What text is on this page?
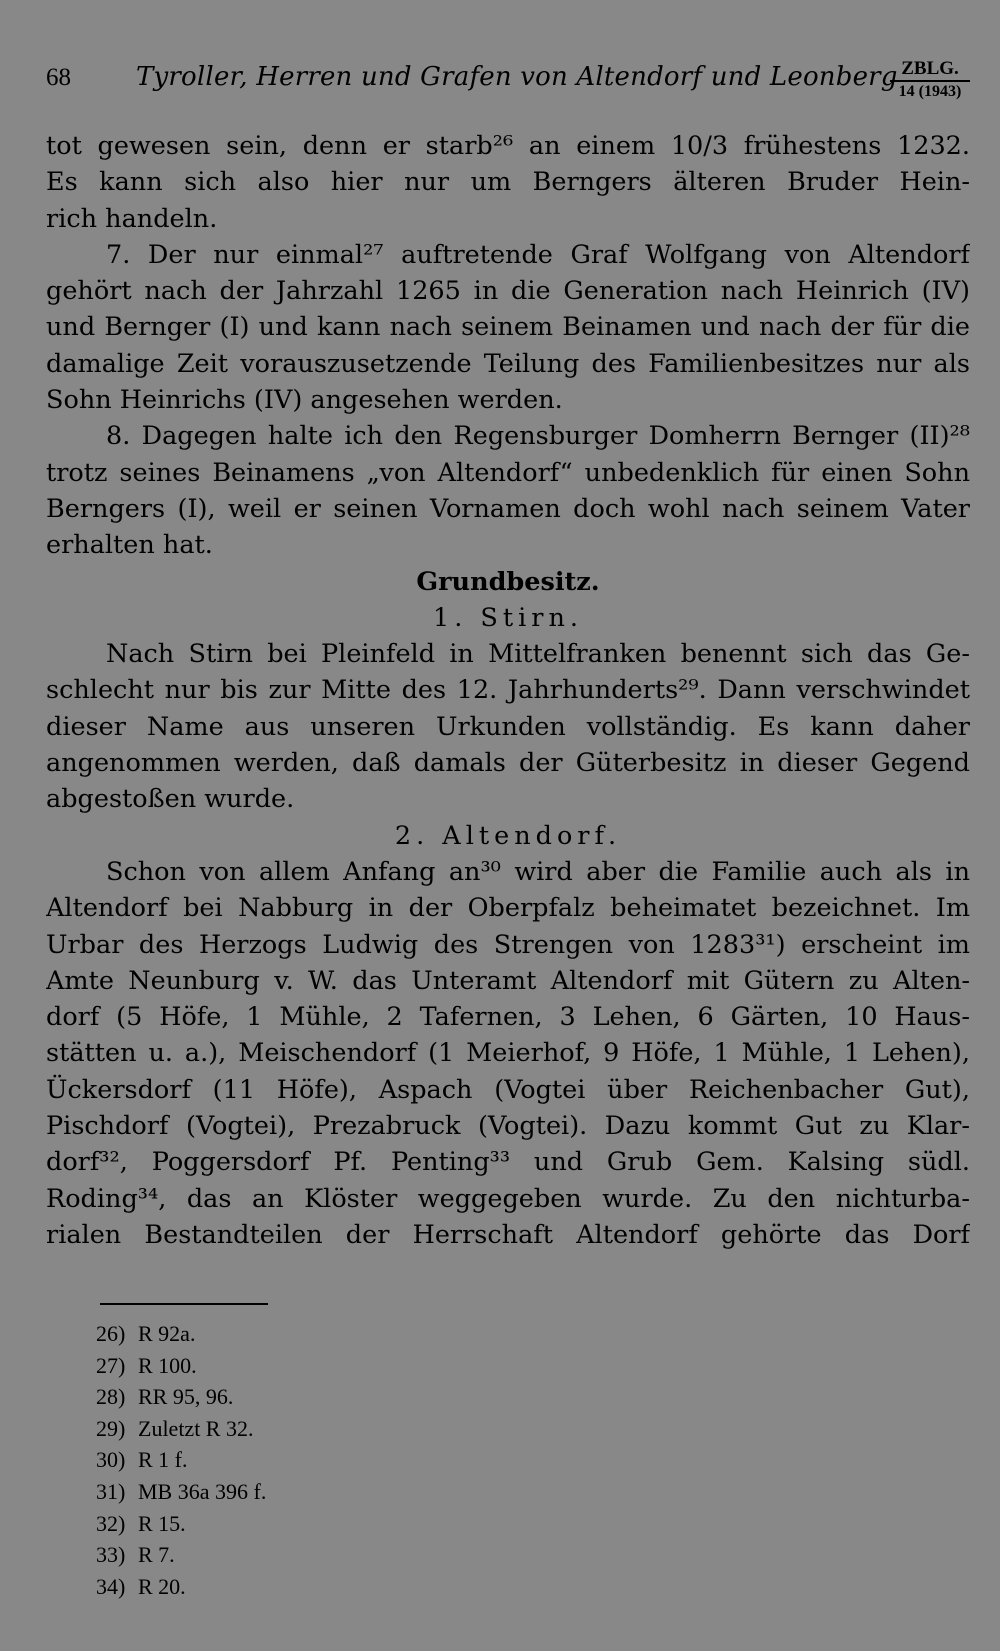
68	Tyroller, Herren und Grafen von Altendorf und Leonberg ZBLG.
14 (1943)
tot gewesen sein, denn er starb²⁶ an einem 10/3 frühestens 1232.
Es kann sich also hier nur um Berngers älteren Bruder Hein-
rich handeln.
7. Der nur einmal²⁷ auftretende Graf Wolfgang von Altendorf
gehört nach der Jahrzahl 1265 in die Generation nach Heinrich (IV)
und Bernger (I) und kann nach seinem Beinamen und nach der für die
damalige Zeit vorauszusetzende Teilung des Familienbesitzes nur als
Sohn Heinrichs (IV) angesehen werden.
8. Dagegen halte ich den Regensburger Domherrn Bernger (II)²⁸
trotz seines Beinamens „von Altendorf“ unbedenklich für einen Sohn
Berngers (I), weil er seinen Vornamen doch wohl nach seinem Vater
erhalten hat.
Grundbesitz.
1. Stirn.
Nach Stirn bei Pleinfeld in Mittelfranken benennt sich das Ge-
schlecht nur bis zur Mitte des 12. Jahrhunderts²⁹. Dann verschwindet
dieser Name aus unseren Urkunden vollständig. Es kann daher
angenommen werden, daß damals der Güterbesitz in dieser Gegend
abgestoßen wurde.
2. Altendorf.
Schon von allem Anfang an³⁰ wird aber die Familie auch als in
Altendorf bei Nabburg in der Oberpfalz beheimatet bezeichnet. Im
Urbar des Herzogs Ludwig des Strengen von 1283³¹) erscheint im
Amte Neunburg v. W. das Unteramt Altendorf mit Gütern zu Alten-
dorf (5 Höfe, 1 Mühle, 2 Tafernen, 3 Lehen, 6 Gärten, 10 Haus-
stätten u. a.), Meischendorf (1 Meierhof, 9 Höfe, 1 Mühle, 1 Lehen),
Ückersdorf (11 Höfe), Aspach (Vogtei über Reichenbacher Gut),
Pischdorf (Vogtei), Prezabruck (Vogtei). Dazu kommt Gut zu Klar-
dorf³², Poggersdorf Pf. Penting³³ und Grub Gem. Kalsing südl.
Roding³⁴, das an Klöster weggegeben wurde. Zu den nichturba-
rialen Bestandteilen der Herrschaft Altendorf gehörte das Dorf
26) R 92a.
27) R 100.
28) RR 95, 96.
29) Zuletzt R 32.
30) R 1 f.
31) MB 36a 396 f.
32) R 15.
33) R 7.
34) R 20.
